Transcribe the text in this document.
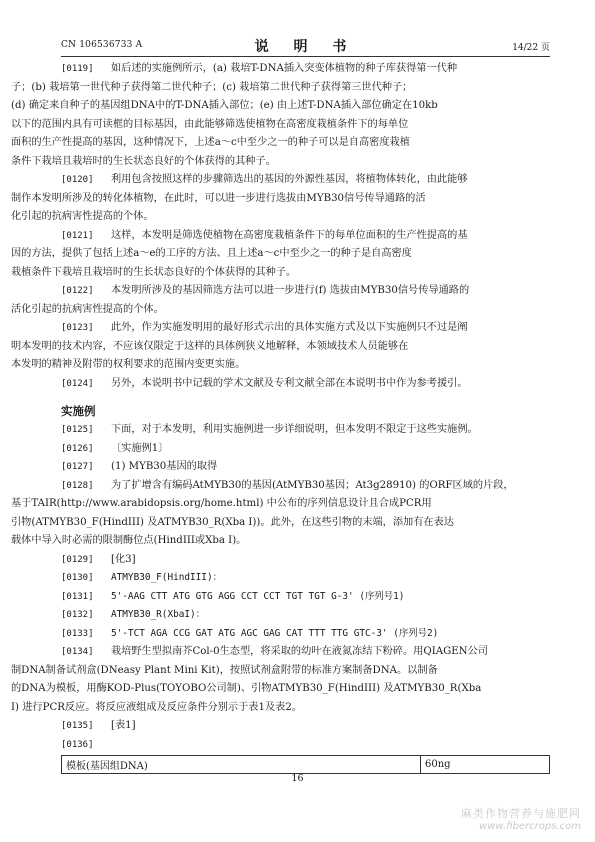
CN 106536733 A	说 明 书	14/22 页
[0119]	如后述的实施例所示，(a) 栽培T-DNA插入突变体植物的种子库获得第一代种
子；(b) 栽培第一世代种子获得第二世代种子；(c) 栽培第二世代种子获得第三世代种子；
(d) 确定来自种子的基因组DNA中的T-DNA插入部位；(e) 由上述T-DNA插入部位确定在10kb
以下的范围内具有可读框的目标基因，由此能够筛选使植物在高密度栽植条件下的每单位
面积的生产性提高的基因，这种情况下，上述a～c中至少之一的种子可以是自高密度栽植
条件下栽培且栽培时的生长状态良好的个体获得的其种子。
[0120]	利用包含按照这样的步骤筛选出的基因的外源性基因，将植物体转化，由此能够
制作本发明所涉及的转化体植物，在此时，可以进一步进行选拔由MYB30信号传导通路的活
化引起的抗病害性提高的个体。
[0121]	这样，本发明是筛选使植物在高密度栽植条件下的每单位面积的生产性提高的基
因的方法，提供了包括上述a～e的工序的方法、且上述a～c中至少之一的种子是自高密度
栽植条件下栽培且栽培时的生长状态良好的个体获得的其种子。
[0122]	本发明所涉及的基因筛选方法可以进一步进行(f) 选拔由MYB30信号传导通路的
活化引起的抗病害性提高的个体。
[0123]	此外，作为实施发明用的最好形式示出的具体实施方式及以下实施例只不过是阐
明本发明的技术内容，不应该仅限定于这样的具体例狭义地解释，本领域技术人员能够在
本发明的精神及附带的权利要求的范围内变更实施。
[0124]	另外，本说明书中记载的学术文献及专利文献全部在本说明书中作为参考援引。
实施例
[0125]	下面，对于本发明，利用实施例进一步详细说明，但本发明不限定于这些实施例。
[0126]	〔实施例1〕
[0127]	(1) MYB30基因的取得
[0128]	为了扩增含有编码AtMYB30的基因(AtMYB30基因；At3g28910) 的ORF区域的片段，
基于TAIR(http://www.arabidopsis.org/home.html) 中公布的序列信息设计且合成PCR用
引物(ATMYB30_F(HindIII) 及ATMYB30_R(Xba I))。此外，在这些引物的末端，添加有在表达
载体中导入时必需的限制酶位点(HindIII或Xba I)。
[0129]	[化3]
[0130]	ATMYB30_F(HindIII)：
[0131]	5'-AAG CTT ATG GTG AGG CCT CCT TGT TGT G-3' (序列号1)
[0132]	ATMYB30_R(XbaI)：
[0133]	5'-TCT AGA CCG GAT ATG AGC GAG CAT TTT TTG GTC-3' (序列号2)
[0134]	栽培野生型拟南芥Col-0生态型，将采取的幼叶在液氮冻结下粉碎。用QIAGEN公司
制DNA制备试剂盒(DNeasy Plant Mini Kit)，按照试剂盒附带的标准方案制备DNA。以制备
的DNA为模板，用酶KOD-Plus(TOYOBO公司制)、引物ATMYB30_F(HindIII) 及ATMYB30_R(Xba
I) 进行PCR反应。将反应液组成及反应条件分别示于表1及表2。
[0135]	[表1]
[0136]
模板(基因组DNA)	60ng
16
麻类作物营养与施肥网
www.fibercrops.com
